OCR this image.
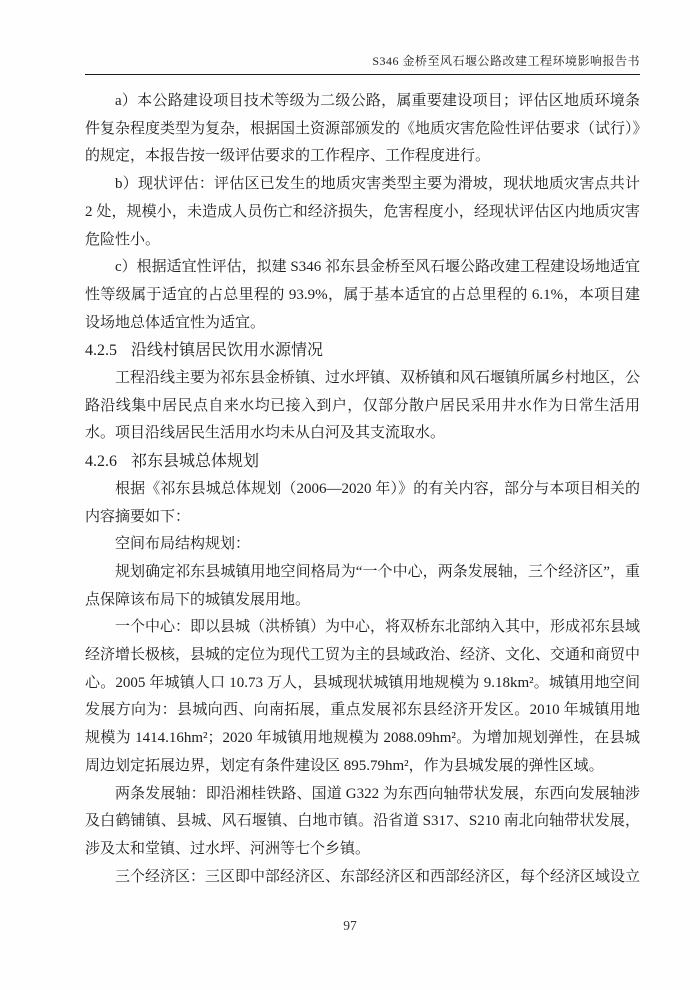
S346 金桥至风石堰公路改建工程环境影响报告书

a）本公路建设项目技术等级为二级公路，属重要建设项目；评估区地质环境条件复杂程度类型为复杂，根据国土资源部颁发的《地质灾害危险性评估要求（试行）》的规定，本报告按一级评估要求的工作程序、工作程度进行。

b）现状评估：评估区已发生的地质灾害类型主要为滑坡，现状地质灾害点共计 2 处，规模小，未造成人员伤亡和经济损失，危害程度小，经现状评估区内地质灾害危险性小。

c）根据适宜性评估，拟建 S346 祁东县金桥至风石堰公路改建工程建设场地适宜性等级属于适宜的占总里程的 93.9%，属于基本适宜的占总里程的 6.1%，本项目建设场地总体适宜性为适宜。

4.2.5 沿线村镇居民饮用水源情况

工程沿线主要为祁东县金桥镇、过水坪镇、双桥镇和风石堰镇所属乡村地区，公路沿线集中居民点自来水均已接入到户，仅部分散户居民采用井水作为日常生活用水。项目沿线居民生活用水均未从白河及其支流取水。

4.2.6 祁东县城总体规划

根据《祁东县城总体规划（2006—2020 年）》的有关内容，部分与本项目相关的内容摘要如下：

空间布局结构规划：

规划确定祁东县城镇用地空间格局为“一个中心，两条发展轴，三个经济区”，重点保障该布局下的城镇发展用地。

一个中心：即以县城（洪桥镇）为中心，将双桥东北部纳入其中，形成祁东县域经济增长极核，县城的定位为现代工贸为主的县域政治、经济、文化、交通和商贸中心。2005 年城镇人口 10.73 万人，县城现状城镇用地规模为 9.18km²。城镇用地空间发展方向为：县城向西、向南拓展，重点发展祁东县经济开发区。2010 年城镇用地规模为 1414.16hm²；2020 年城镇用地规模为 2088.09hm²。为增加规划弹性，在县城周边划定拓展边界，划定有条件建设区 895.79hm²，作为县城发展的弹性区域。

两条发展轴：即沿湘桂铁路、国道 G322 为东西向轴带状发展，东西向发展轴涉及白鹤铺镇、县城、风石堰镇、白地市镇。沿省道 S317、S210 南北向轴带状发展，涉及太和堂镇、过水坪、河洲等七个乡镇。

三个经济区：三区即中部经济区、东部经济区和西部经济区，每个经济区域设立

97
